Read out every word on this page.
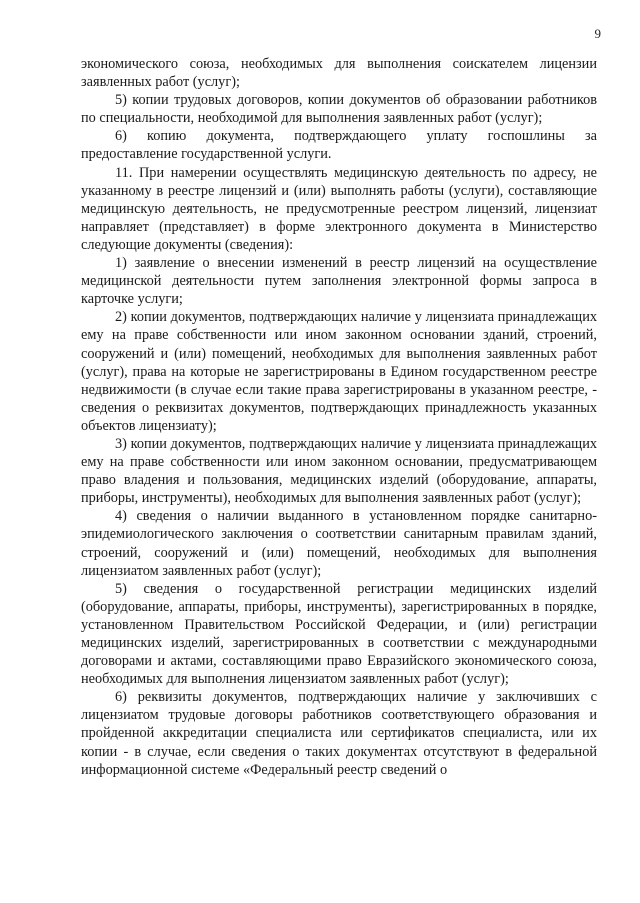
9

экономического союза, необходимых для выполнения соискателем лицензии заявленных работ (услуг);

5) копии трудовых договоров, копии документов об образовании работников по специальности, необходимой для выполнения заявленных работ (услуг);

6) копию документа, подтверждающего уплату госпошлины за предоставление государственной услуги.

11. При намерении осуществлять медицинскую деятельность по адресу, не указанному в реестре лицензий и (или) выполнять работы (услуги), составляющие медицинскую деятельность, не предусмотренные реестром лицензий, лицензиат направляет (представляет) в форме электронного документа в Министерство следующие документы (сведения):

1) заявление о внесении изменений в реестр лицензий на осуществление медицинской деятельности путем заполнения электронной формы запроса в карточке услуги;

2) копии документов, подтверждающих наличие у лицензиата принадлежащих ему на праве собственности или ином законном основании зданий, строений, сооружений и (или) помещений, необходимых для выполнения заявленных работ (услуг), права на которые не зарегистрированы в Едином государственном реестре недвижимости (в случае если такие права зарегистрированы в указанном реестре, - сведения о реквизитах документов, подтверждающих принадлежность указанных объектов лицензиату);

3) копии документов, подтверждающих наличие у лицензиата принадлежащих ему на праве собственности или ином законном основании, предусматривающем право владения и пользования, медицинских изделий (оборудование, аппараты, приборы, инструменты), необходимых для выполнения заявленных работ (услуг);

4) сведения о наличии выданного в установленном порядке санитарно-эпидемиологического заключения о соответствии санитарным правилам зданий, строений, сооружений и (или) помещений, необходимых для выполнения лицензиатом заявленных работ (услуг);

5) сведения о государственной регистрации медицинских изделий (оборудование, аппараты, приборы, инструменты), зарегистрированных в порядке, установленном Правительством Российской Федерации, и (или) регистрации медицинских изделий, зарегистрированных в соответствии с международными договорами и актами, составляющими право Евразийского экономического союза, необходимых для выполнения лицензиатом заявленных работ (услуг);

6) реквизиты документов, подтверждающих наличие у заключивших с лицензиатом трудовые договоры работников соответствующего образования и пройденной аккредитации специалиста или сертификатов специалиста, или их копии - в случае, если сведения о таких документах отсутствуют в федеральной информационной системе «Федеральный реестр сведений о
